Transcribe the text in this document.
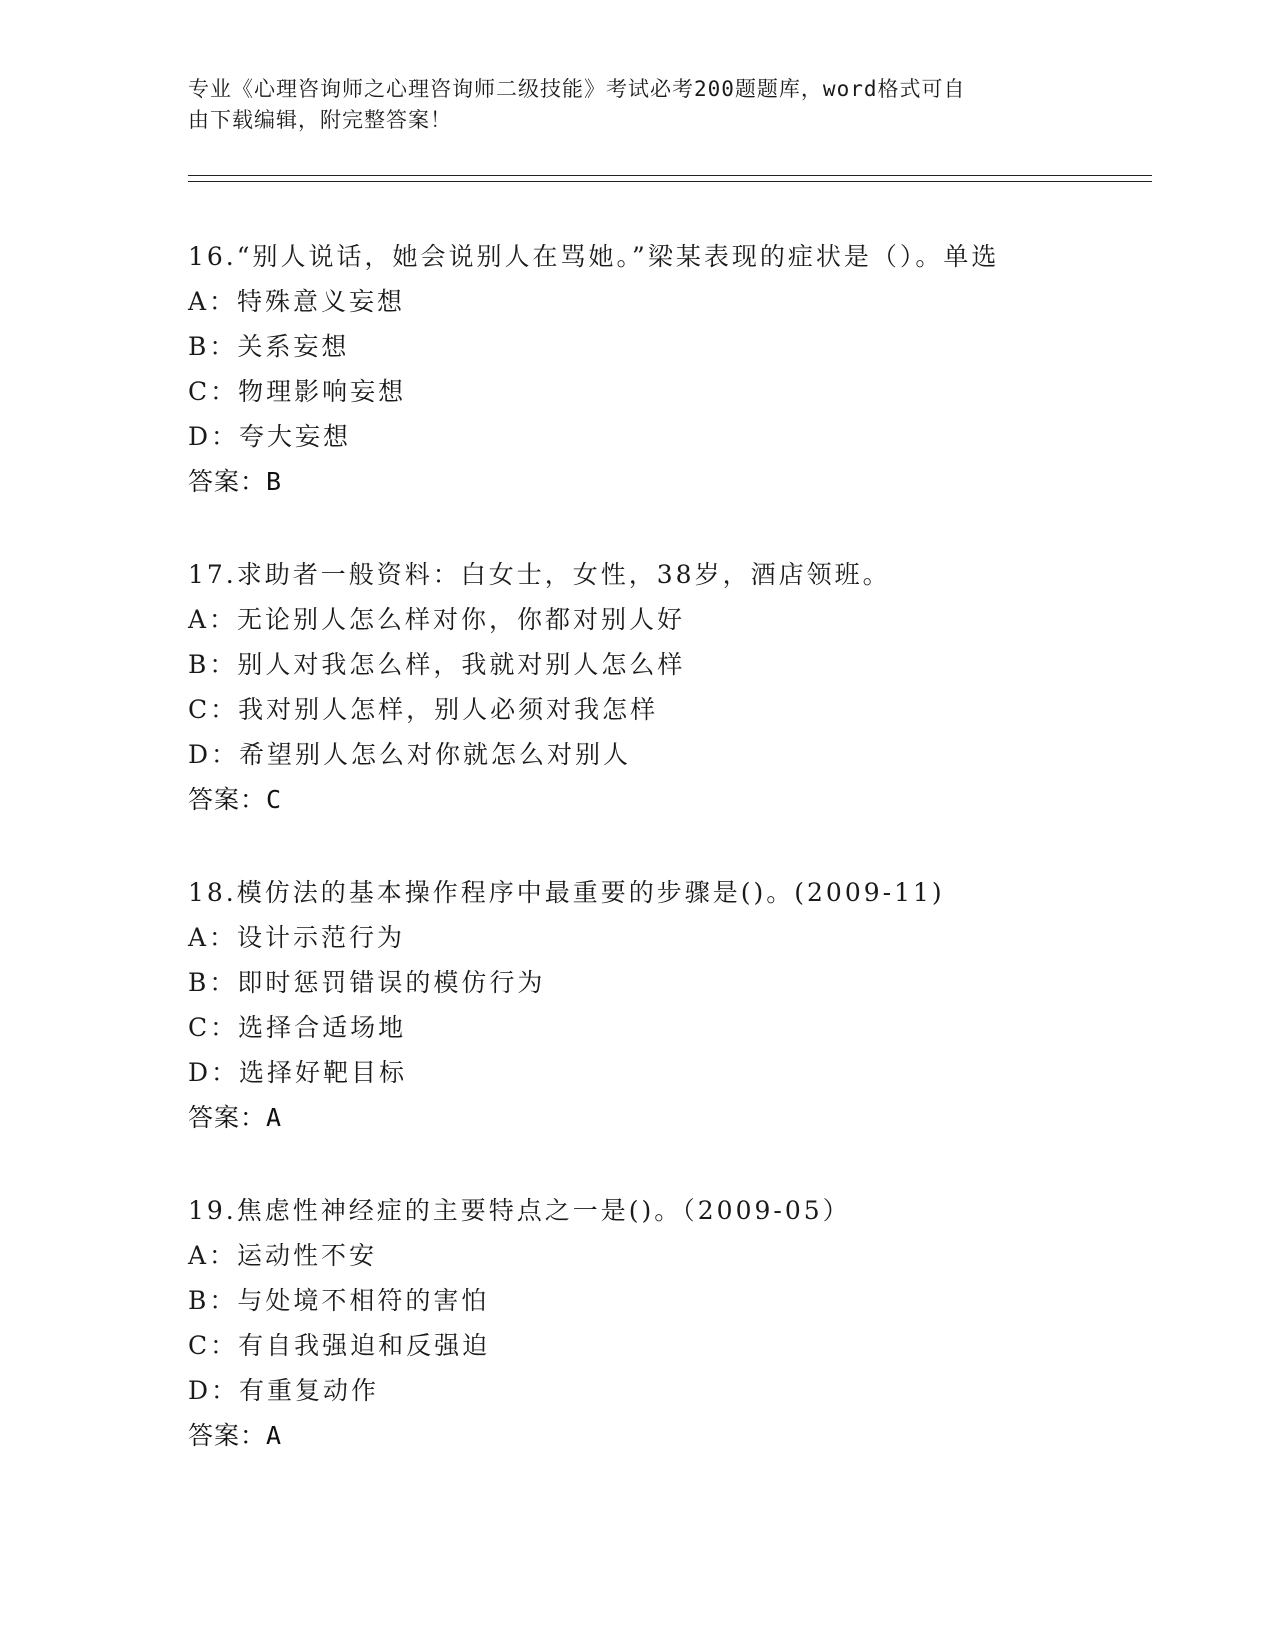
专业《心理咨询师之心理咨询师二级技能》考试必考200题题库，word格式可自
由下载编辑，附完整答案！
16.“别人说话，她会说别人在骂她。”梁某表现的症状是（）。单选
A：特殊意义妄想
B：关系妄想
C：物理影响妄想
D：夸大妄想
答案：B
17.求助者一般资料：白女士，女性，38岁，酒店领班。
A：无论别人怎么样对你，你都对别人好
B：别人对我怎么样，我就对别人怎么样
C：我对别人怎样，别人必须对我怎样
D：希望别人怎么对你就怎么对别人
答案：C
18.模仿法的基本操作程序中最重要的步骤是()。(2009-11)
A：设计示范行为
B：即时惩罚错误的模仿行为
C：选择合适场地
D：选择好靶目标
答案：A
19.焦虑性神经症的主要特点之一是()。（2009-05）
A：运动性不安
B：与处境不相符的害怕
C：有自我强迫和反强迫
D：有重复动作
答案：A
